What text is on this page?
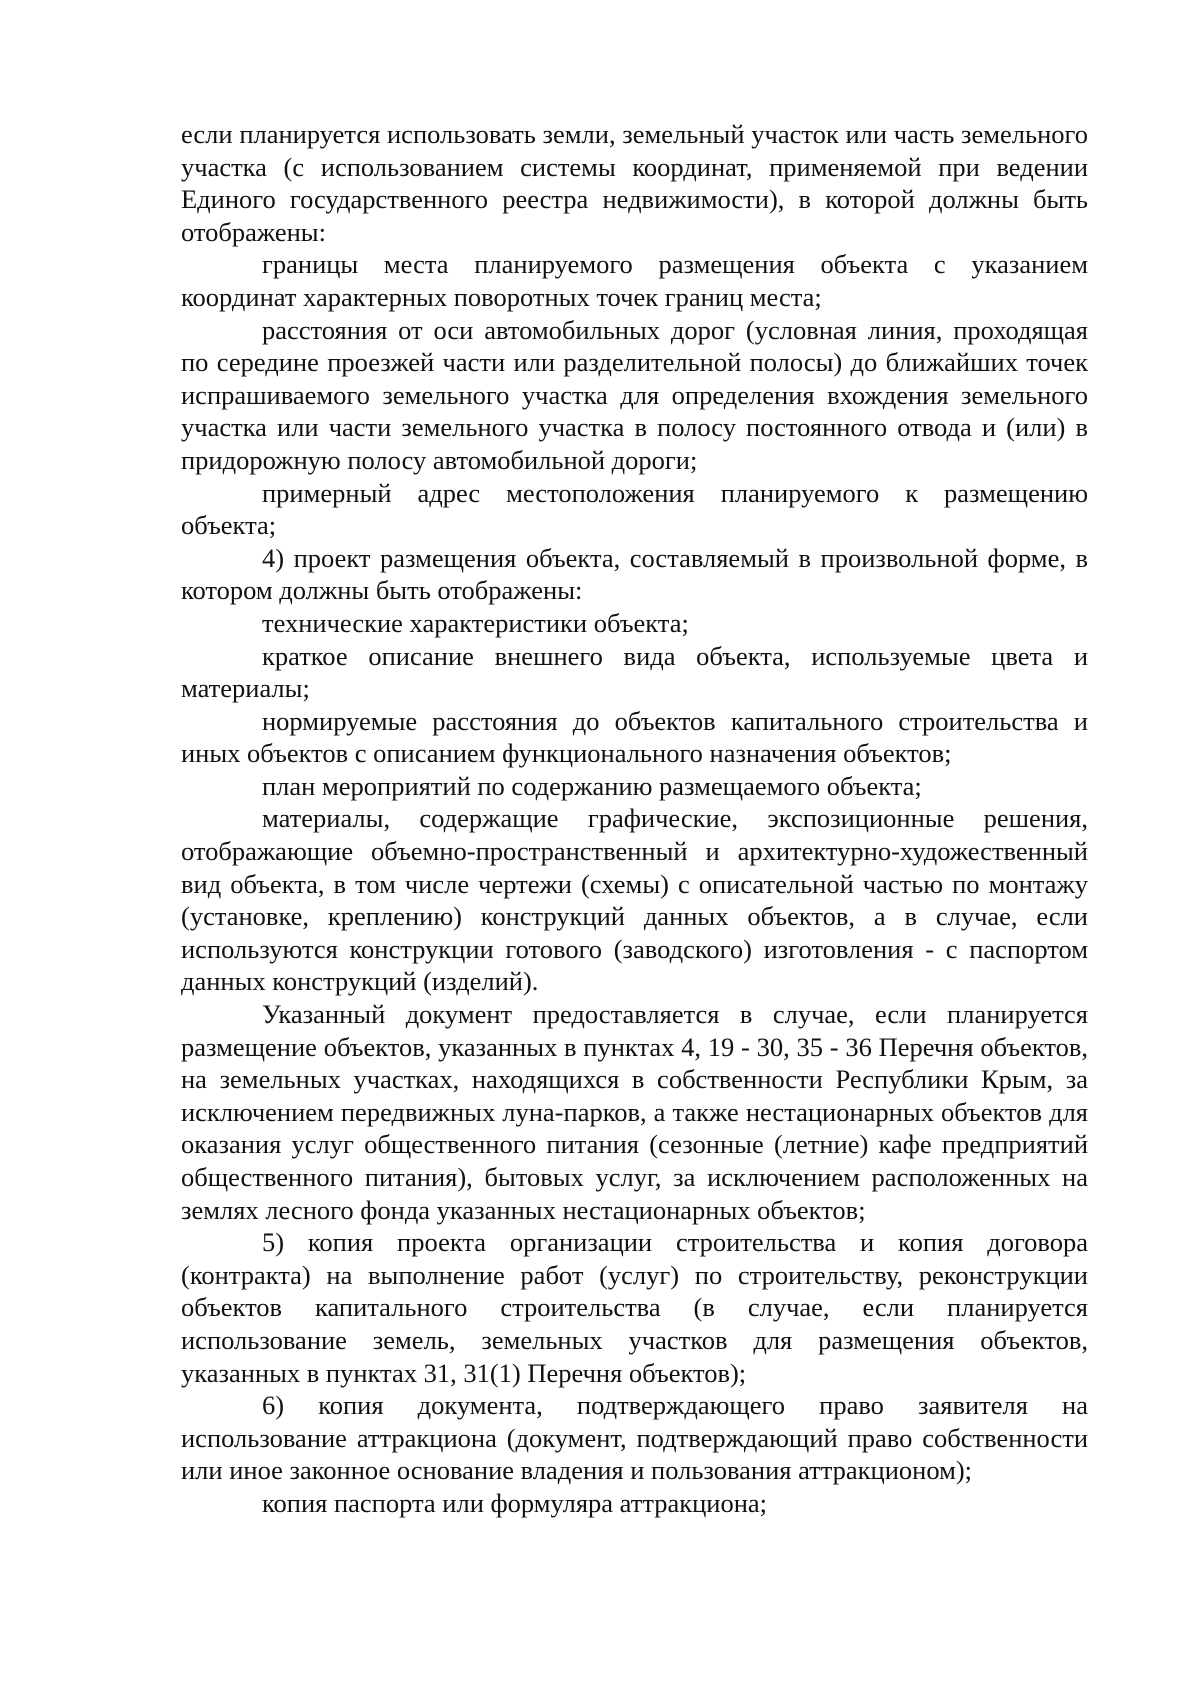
если планируется использовать земли, земельный участок или часть земельного участка (с использованием системы координат, применяемой при ведении Единого государственного реестра недвижимости), в которой должны быть отображены:

границы места планируемого размещения объекта с указанием координат характерных поворотных точек границ места;

расстояния от оси автомобильных дорог (условная линия, проходящая по середине проезжей части или разделительной полосы) до ближайших точек испрашиваемого земельного участка для определения вхождения земельного участка или части земельного участка в полосу постоянного отвода и (или) в придорожную полосу автомобильной дороги;

примерный адрес местоположения планируемого к размещению объекта;

4) проект размещения объекта, составляемый в произвольной форме, в котором должны быть отображены:

технические характеристики объекта;

краткое описание внешнего вида объекта, используемые цвета и материалы;

нормируемые расстояния до объектов капитального строительства и иных объектов с описанием функционального назначения объектов;

план мероприятий по содержанию размещаемого объекта;

материалы, содержащие графические, экспозиционные решения, отображающие объемно-пространственный и архитектурно-художественный вид объекта, в том числе чертежи (схемы) с описательной частью по монтажу (установке, креплению) конструкций данных объектов, а в случае, если используются конструкции готового (заводского) изготовления - с паспортом данных конструкций (изделий).

Указанный документ предоставляется в случае, если планируется размещение объектов, указанных в пунктах 4, 19 - 30, 35 - 36 Перечня объектов, на земельных участках, находящихся в собственности Республики Крым, за исключением передвижных луна-парков, а также нестационарных объектов для оказания услуг общественного питания (сезонные (летние) кафе предприятий общественного питания), бытовых услуг, за исключением расположенных на землях лесного фонда указанных нестационарных объектов;

5) копия проекта организации строительства и копия договора (контракта) на выполнение работ (услуг) по строительству, реконструкции объектов капитального строительства (в случае, если планируется использование земель, земельных участков для размещения объектов, указанных в пунктах 31, 31(1) Перечня объектов);

6) копия документа, подтверждающего право заявителя на использование аттракциона (документ, подтверждающий право собственности или иное законное основание владения и пользования аттракционом);

копия паспорта или формуляра аттракциона;
